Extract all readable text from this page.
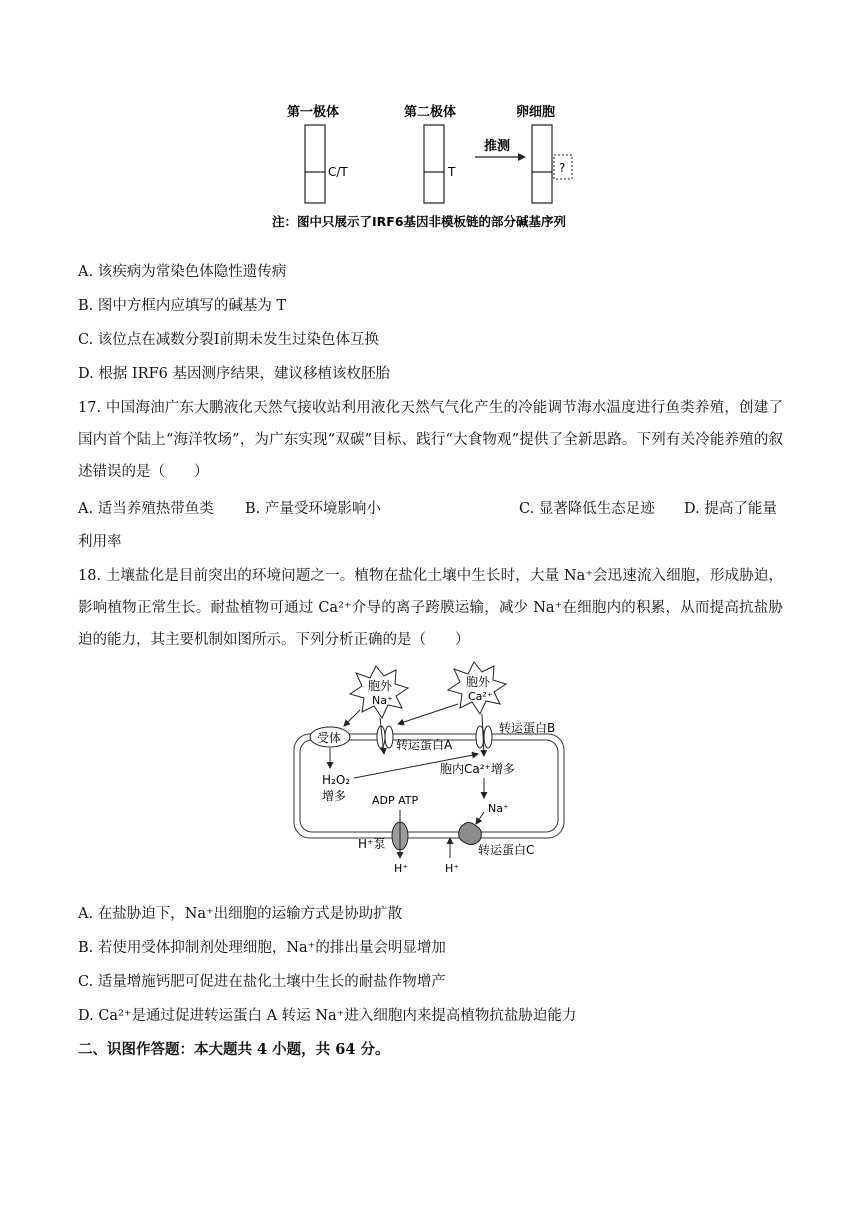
第一极体	第二极体	卵细胞
C/T	T
推测
?
注：图中只展示了IRF6基因非模板链的部分碱基序列
A. 该疾病为常染色体隐性遗传病
B. 图中方框内应填写的碱基为 T
C. 该位点在减数分裂Ⅰ前期未发生过染色体互换
D. 根据 IRF6 基因测序结果，建议移植该枚胚胎
17. 中国海油广东大鹏液化天然气接收站利用液化天然气气化产生的冷能调节海水温度进行鱼类养殖，创建了国内首个陆上“海洋牧场”，为广东实现“双碳”目标、践行“大食物观”提供了全新思路。下列有关冷能养殖的叙述错误的是（　　）
A. 适当养殖热带鱼类 B. 产量受环境影响小	C. 显著降低生态足迹 D. 提高了能量
利用率
18. 土壤盐化是目前突出的环境问题之一。植物在盐化土壤中生长时，大量 Na⁺会迅速流入细胞，形成胁迫，影响植物正常生长。耐盐植物可通过 Ca²⁺介导的离子跨膜运输，减少 Na⁺在细胞内的积累，从而提高抗盐胁迫的能力，其主要机制如图所示。下列分析正确的是（　　）
胞外
Na⁺
胞外
Ca²⁺
受体	转运蛋白A
转运蛋白B
H₂O₂
增多
胞内Ca²⁺增多
Na⁺
ADP ATP
H⁺泵
H⁺	H⁺
转运蛋白C
A. 在盐胁迫下，Na⁺出细胞的运输方式是协助扩散
B. 若使用受体抑制剂处理细胞，Na⁺的排出量会明显增加
C. 适量增施钙肥可促进在盐化土壤中生长的耐盐作物增产
D. Ca²⁺是通过促进转运蛋白 A 转运 Na⁺进入细胞内来提高植物抗盐胁迫能力
二、识图作答题：本大题共 4 小题，共 64 分。
